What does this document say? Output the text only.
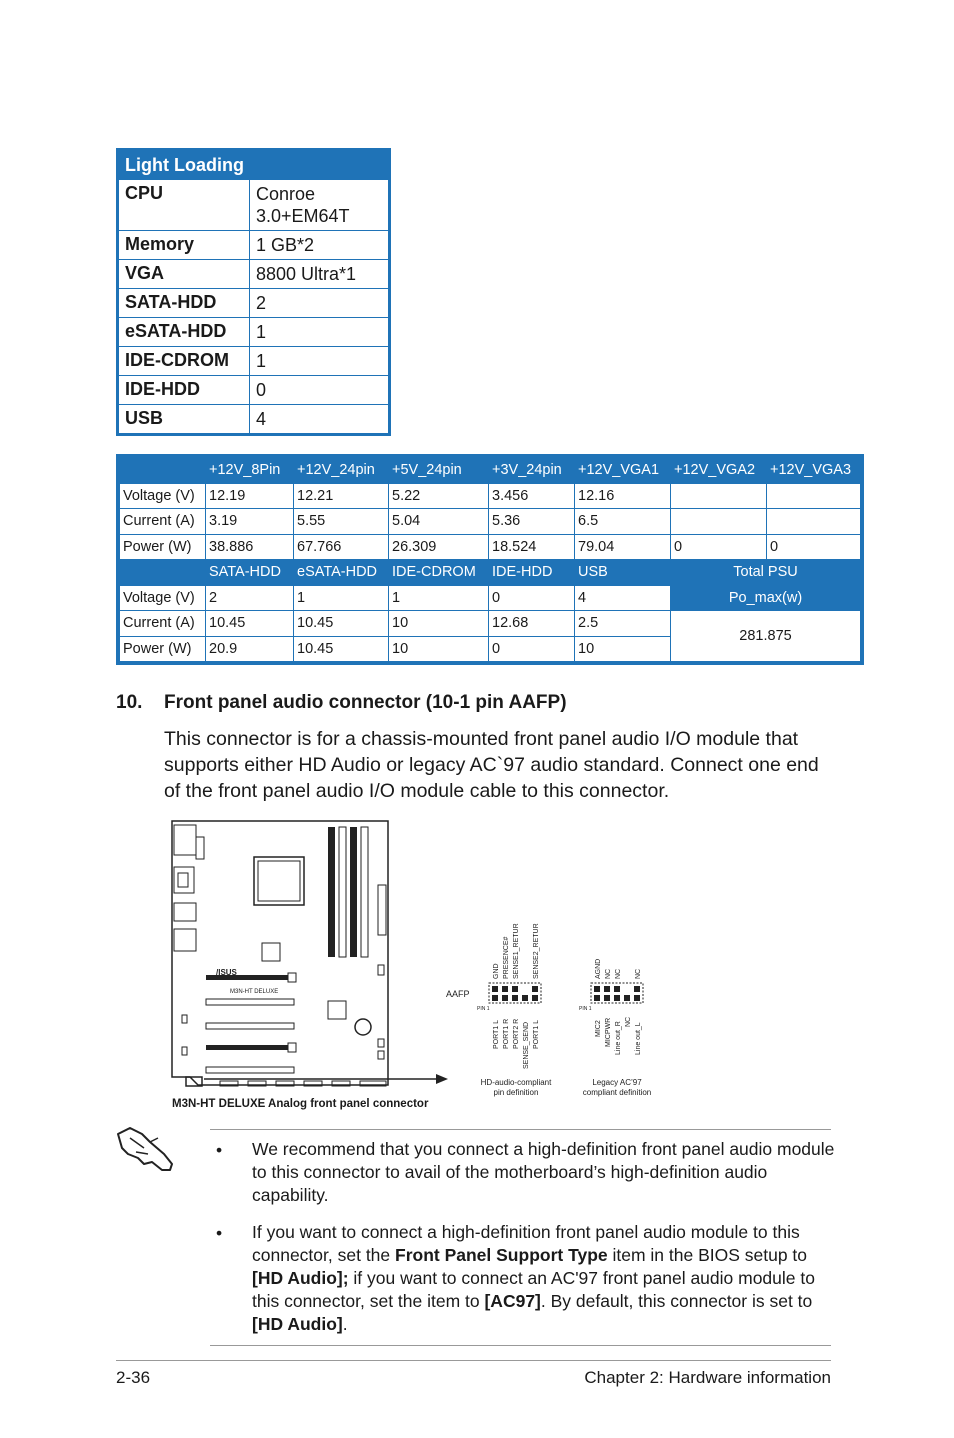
Light Loading
CPU	Conroe 3.0+EM64T
Memory	1 GB*2
VGA	8800 Ultra*1
SATA-HDD	2
eSATA-HDD	1
IDE-CDROM	1
IDE-HDD	0
USB	4
	+12V_8Pin	+12V_24pin	+5V_24pin	+3V_24pin	+12V_VGA1	+12V_VGA2	+12V_VGA3
Voltage (V)	12.19	12.21	5.22	3.456	12.16		
Current (A)	3.19	5.55	5.04	5.36	6.5		
Power (W)	38.886	67.766	26.309	18.524	79.04	0	0
	SATA-HDD	eSATA-HDD	IDE-CDROM	IDE-HDD	USB	Total PSU	
Voltage (V)	2	1	1	0	4	Po_max(w)	
Current (A)	10.45	10.45	10	12.68	2.5	281.875	
Power (W)	20.9	10.45	10	0	10		
10. Front panel audio connector (10-1 pin AAFP)
This connector is for a chassis-mounted front panel audio I/O module that supports either HD Audio or legacy AC`97 audio standard. Connect one end of the front panel audio I/O module cable to this connector.
/ISUS
M3N-HT DELUXE	AAFP
PIN 1
GND PRESENCE# SENSE1_RETUR SENSE2_RETUR
PORT1 L PORT1 R PORT2 R SENSE_SEND PORT1 L
HD-audio-compliant
pin definition
PIN 1
AGND NC NC NC
MIC2 MICPWR Line out_R NC
Line out_L
Legacy AC’97
compliant definition
M3N-HT DELUXE Analog front panel connector
• We recommend that you connect a high-definition front panel audio module to this connector to avail of the motherboard’s high-definition audio capability.
• If you want to connect a high-definition front panel audio module to this connector, set the Front Panel Support Type item in the BIOS setup to [HD Audio]; if you want to connect an AC'97 front panel audio module to this connector, set the item to [AC97]. By default, this connector is set to [HD Audio].
2-36	Chapter 2: Hardware information
